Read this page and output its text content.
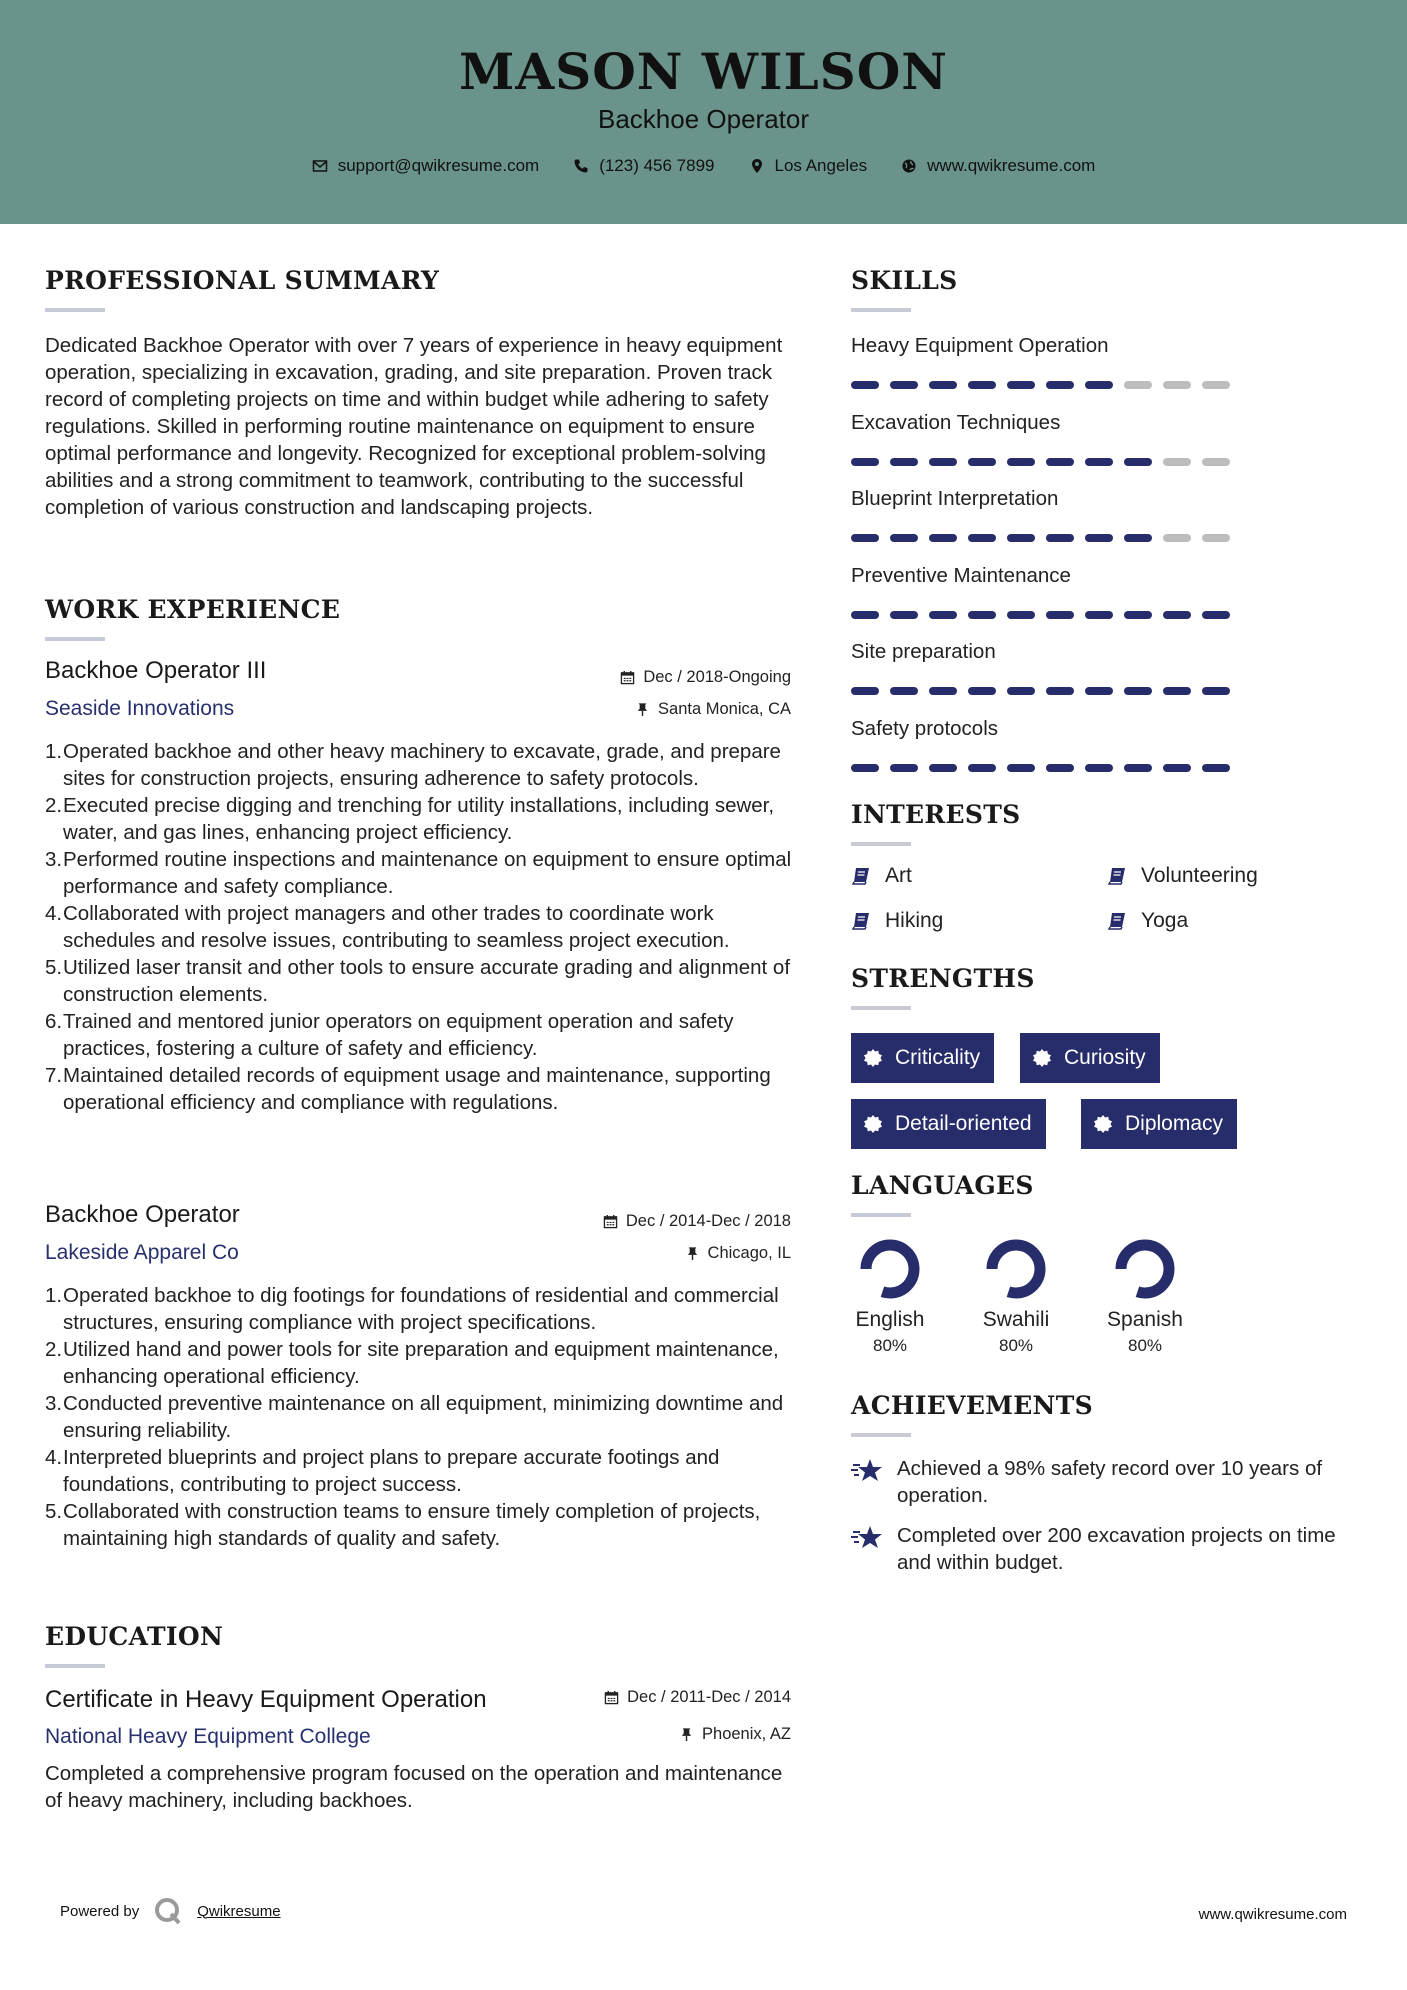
MASON WILSON
Backhoe Operator
support@qwikresume.com	(123) 456 7899	Los Angeles	www.qwikresume.com
PROFESSIONAL SUMMARY
Dedicated Backhoe Operator with over 7 years of experience in heavy equipment operation, specializing in excavation, grading, and site preparation. Proven track record of completing projects on time and within budget while adhering to safety regulations. Skilled in performing routine maintenance on equipment to ensure optimal performance and longevity. Recognized for exceptional problem-solving abilities and a strong commitment to teamwork, contributing to the successful completion of various construction and landscaping projects.
WORK EXPERIENCE
Backhoe Operator III	Dec / 2018-Ongoing
Seaside Innovations	Santa Monica, CA
1. Operated backhoe and other heavy machinery to excavate, grade, and prepare sites for construction projects, ensuring adherence to safety protocols.
2. Executed precise digging and trenching for utility installations, including sewer, water, and gas lines, enhancing project efficiency.
3. Performed routine inspections and maintenance on equipment to ensure optimal performance and safety compliance.
4. Collaborated with project managers and other trades to coordinate work schedules and resolve issues, contributing to seamless project execution.
5. Utilized laser transit and other tools to ensure accurate grading and alignment of construction elements.
6. Trained and mentored junior operators on equipment operation and safety practices, fostering a culture of safety and efficiency.
7. Maintained detailed records of equipment usage and maintenance, supporting operational efficiency and compliance with regulations.
Backhoe Operator	Dec / 2014-Dec / 2018
Lakeside Apparel Co	Chicago, IL
1. Operated backhoe to dig footings for foundations of residential and commercial structures, ensuring compliance with project specifications.
2. Utilized hand and power tools for site preparation and equipment maintenance, enhancing operational efficiency.
3. Conducted preventive maintenance on all equipment, minimizing downtime and ensuring reliability.
4. Interpreted blueprints and project plans to prepare accurate footings and foundations, contributing to project success.
5. Collaborated with construction teams to ensure timely completion of projects, maintaining high standards of quality and safety.
EDUCATION
Certificate in Heavy Equipment Operation	Dec / 2011-Dec / 2014
National Heavy Equipment College	Phoenix, AZ
Completed a comprehensive program focused on the operation and maintenance of heavy machinery, including backhoes.
SKILLS
Heavy Equipment Operation
Excavation Techniques
Blueprint Interpretation
Preventive Maintenance
Site preparation
Safety protocols
INTERESTS
Art	Volunteering
Hiking	Yoga
STRENGTHS
Criticality	Curiosity
Detail-oriented	Diplomacy
LANGUAGES
English
80%
Swahili
80%
Spanish
80%
ACHIEVEMENTS
Achieved a 98% safety record over 10 years of operation.
Completed over 200 excavation projects on time and within budget.
Powered by	Qwikresume	www.qwikresume.com
